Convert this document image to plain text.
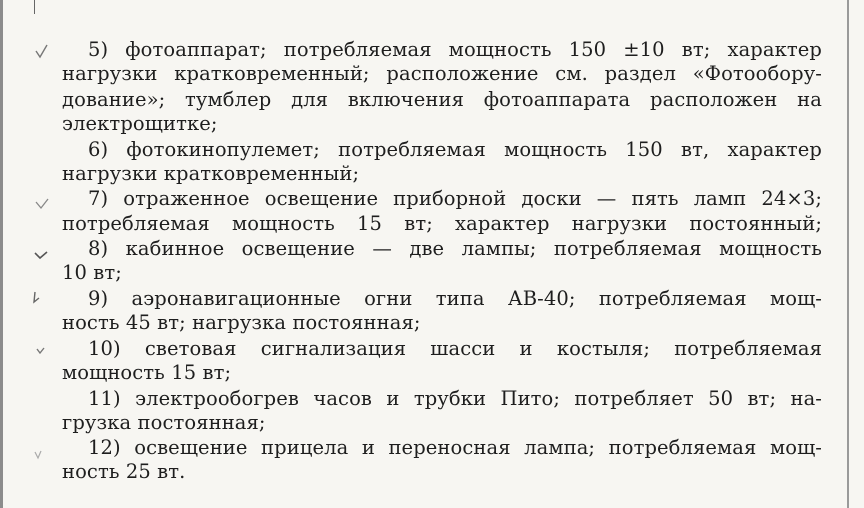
5) фотоаппарат; потребляемая мощность 150 ±10 вт; характер
нагрузки кратковременный; расположение см. раздел «Фотообору-
дование»; тумблер для включения фотоаппарата расположен на
электрощитке;
6) фотокинопулемет; потребляемая мощность 150 вт, характер
нагрузки кратковременный;
7) отраженное освещение приборной доски — пять ламп 24×3;
потребляемая мощность 15 вт; характер нагрузки постоянный;
8) кабинное освещение — две лампы; потребляемая мощность
10 вт;
9) аэронавигационные огни типа АВ-40; потребляемая мощ-
ность 45 вт; нагрузка постоянная;
10) световая сигнализация шасси и костыля; потребляемая
мощность 15 вт;
11) электрообогрев часов и трубки Пито; потребляет 50 вт; на-
грузка постоянная;
12) освещение прицела и переносная лампа; потребляемая мощ-
ность 25 вт.
